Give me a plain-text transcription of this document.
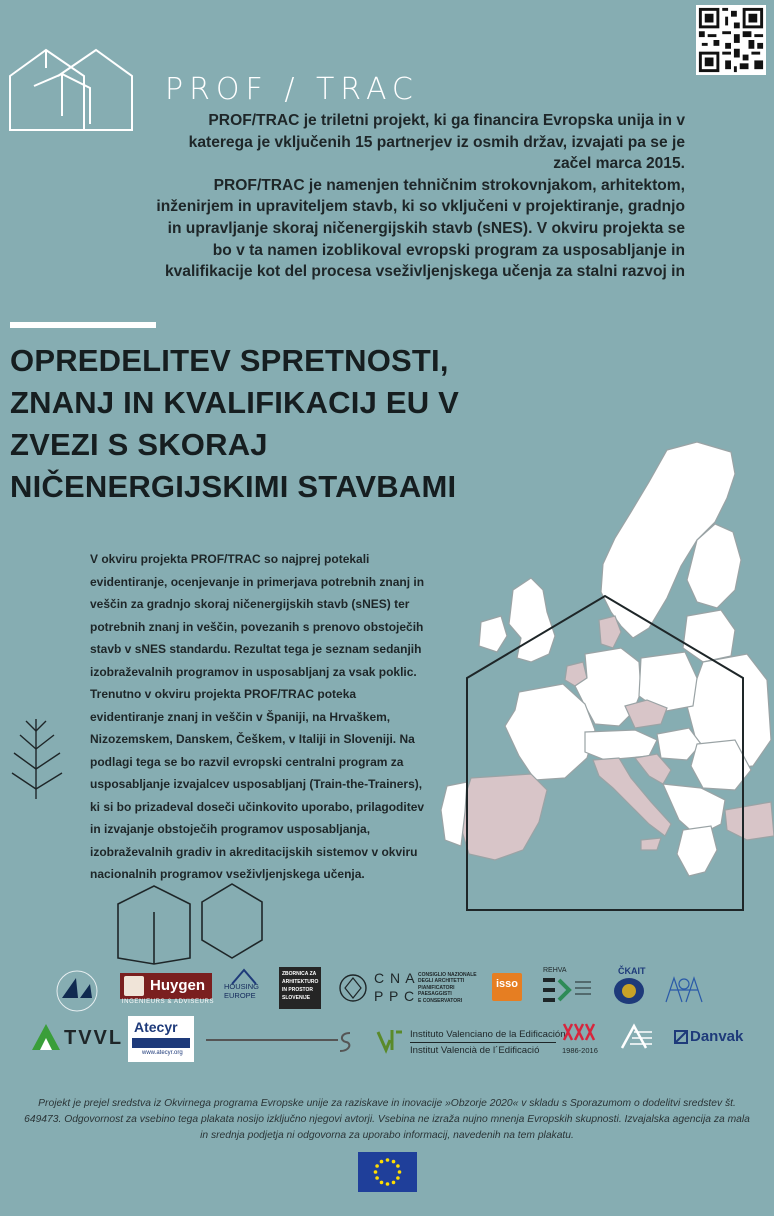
PROF / TRAC

PROF/TRAC je triletni projekt, ki ga financira Evropska unija in v katerega je vključenih 15 partnerjev iz osmih držav, izvajati pa se je začel marca 2015.

PROF/TRAC je namenjen tehničnim strokovnjakom, arhitektom, inženirjem in upraviteljem stavb, ki so vključeni v projektiranje, gradnjo in upravljanje skoraj ničenergijskih stavb (sNES). V okviru projekta se bo v ta namen izoblikoval evropski program za usposabljanje in kvalifikacije kot del procesa vseživljenjskega učenja za stalni razvoj in

OPREDELITEV SPRETNOSTI, ZNANJ IN KVALIFIKACIJ EU V ZVEZI S SKORAJ NIČENERGIJSKIMI STAVBAMI

V okviru projekta PROF/TRAC so najprej potekali evidentiranje, ocenjevanje in primerjava potrebnih znanj in veščin za gradnjo skoraj ničenergijskih stavb (sNES) ter potrebnih znanj in veščin, povezanih s prenovo obstoječih stavb v sNES standardu. Rezultat tega je seznam sedanjih izobraževalnih programov in usposabljanj za vsak poklic.

Trenutno v okviru projekta PROF/TRAC poteka evidentiranje znanj in veščin v Španiji, na Hrvaškem, Nizozemskem, Danskem, Češkem, v Italiji in Sloveniji. Na podlagi tega se bo razvil evropski centralni program za usposabljanje izvajalcev usposabljanj (Train-the-Trainers), ki si bo prizadeval doseči učinkovito uporabo, prilagoditev in izvajanje obstoječih programov usposabljanja, izobraževalnih gradiv in akreditacijskih sistemov v okviru nacionalnih programov vseživljenjskega učenja.

Huygen
INGENIEURS & ADVISEURS
HOUSING
EUROPE
ZBORNICA ZA
ARHITEKTURO
IN PROSTOR
SLOVENIJE
C N A
P P C
CONSIGLIO NAZIONALE
DEGLI ARCHITETTI
PIANIFICATORI
PAESAGGISTI
E CONSERVATORI
isso
REHVA	ČKAIT
TVVL Atecyr
www.atecyr.org
Instituto Valenciano de la Edificación
Institut Valencià de l´Edificació	1986-2016
Danvak

Projekt je prejel sredstva iz Okvirnega programa Evropske unije za raziskave in inovacije »Obzorje 2020« v skladu s Sporazumom o dodelitvi sredstev št. 649473. Odgovornost za vsebino tega plakata nosijo izključno njegovi avtorji. Vsebina ne izraža nujno mnenja Evropskih skupnosti. Izvajalska agencija za mala in srednja podjetja ni odgovorna za uporabo informacij, navedenih na tem plakatu.
